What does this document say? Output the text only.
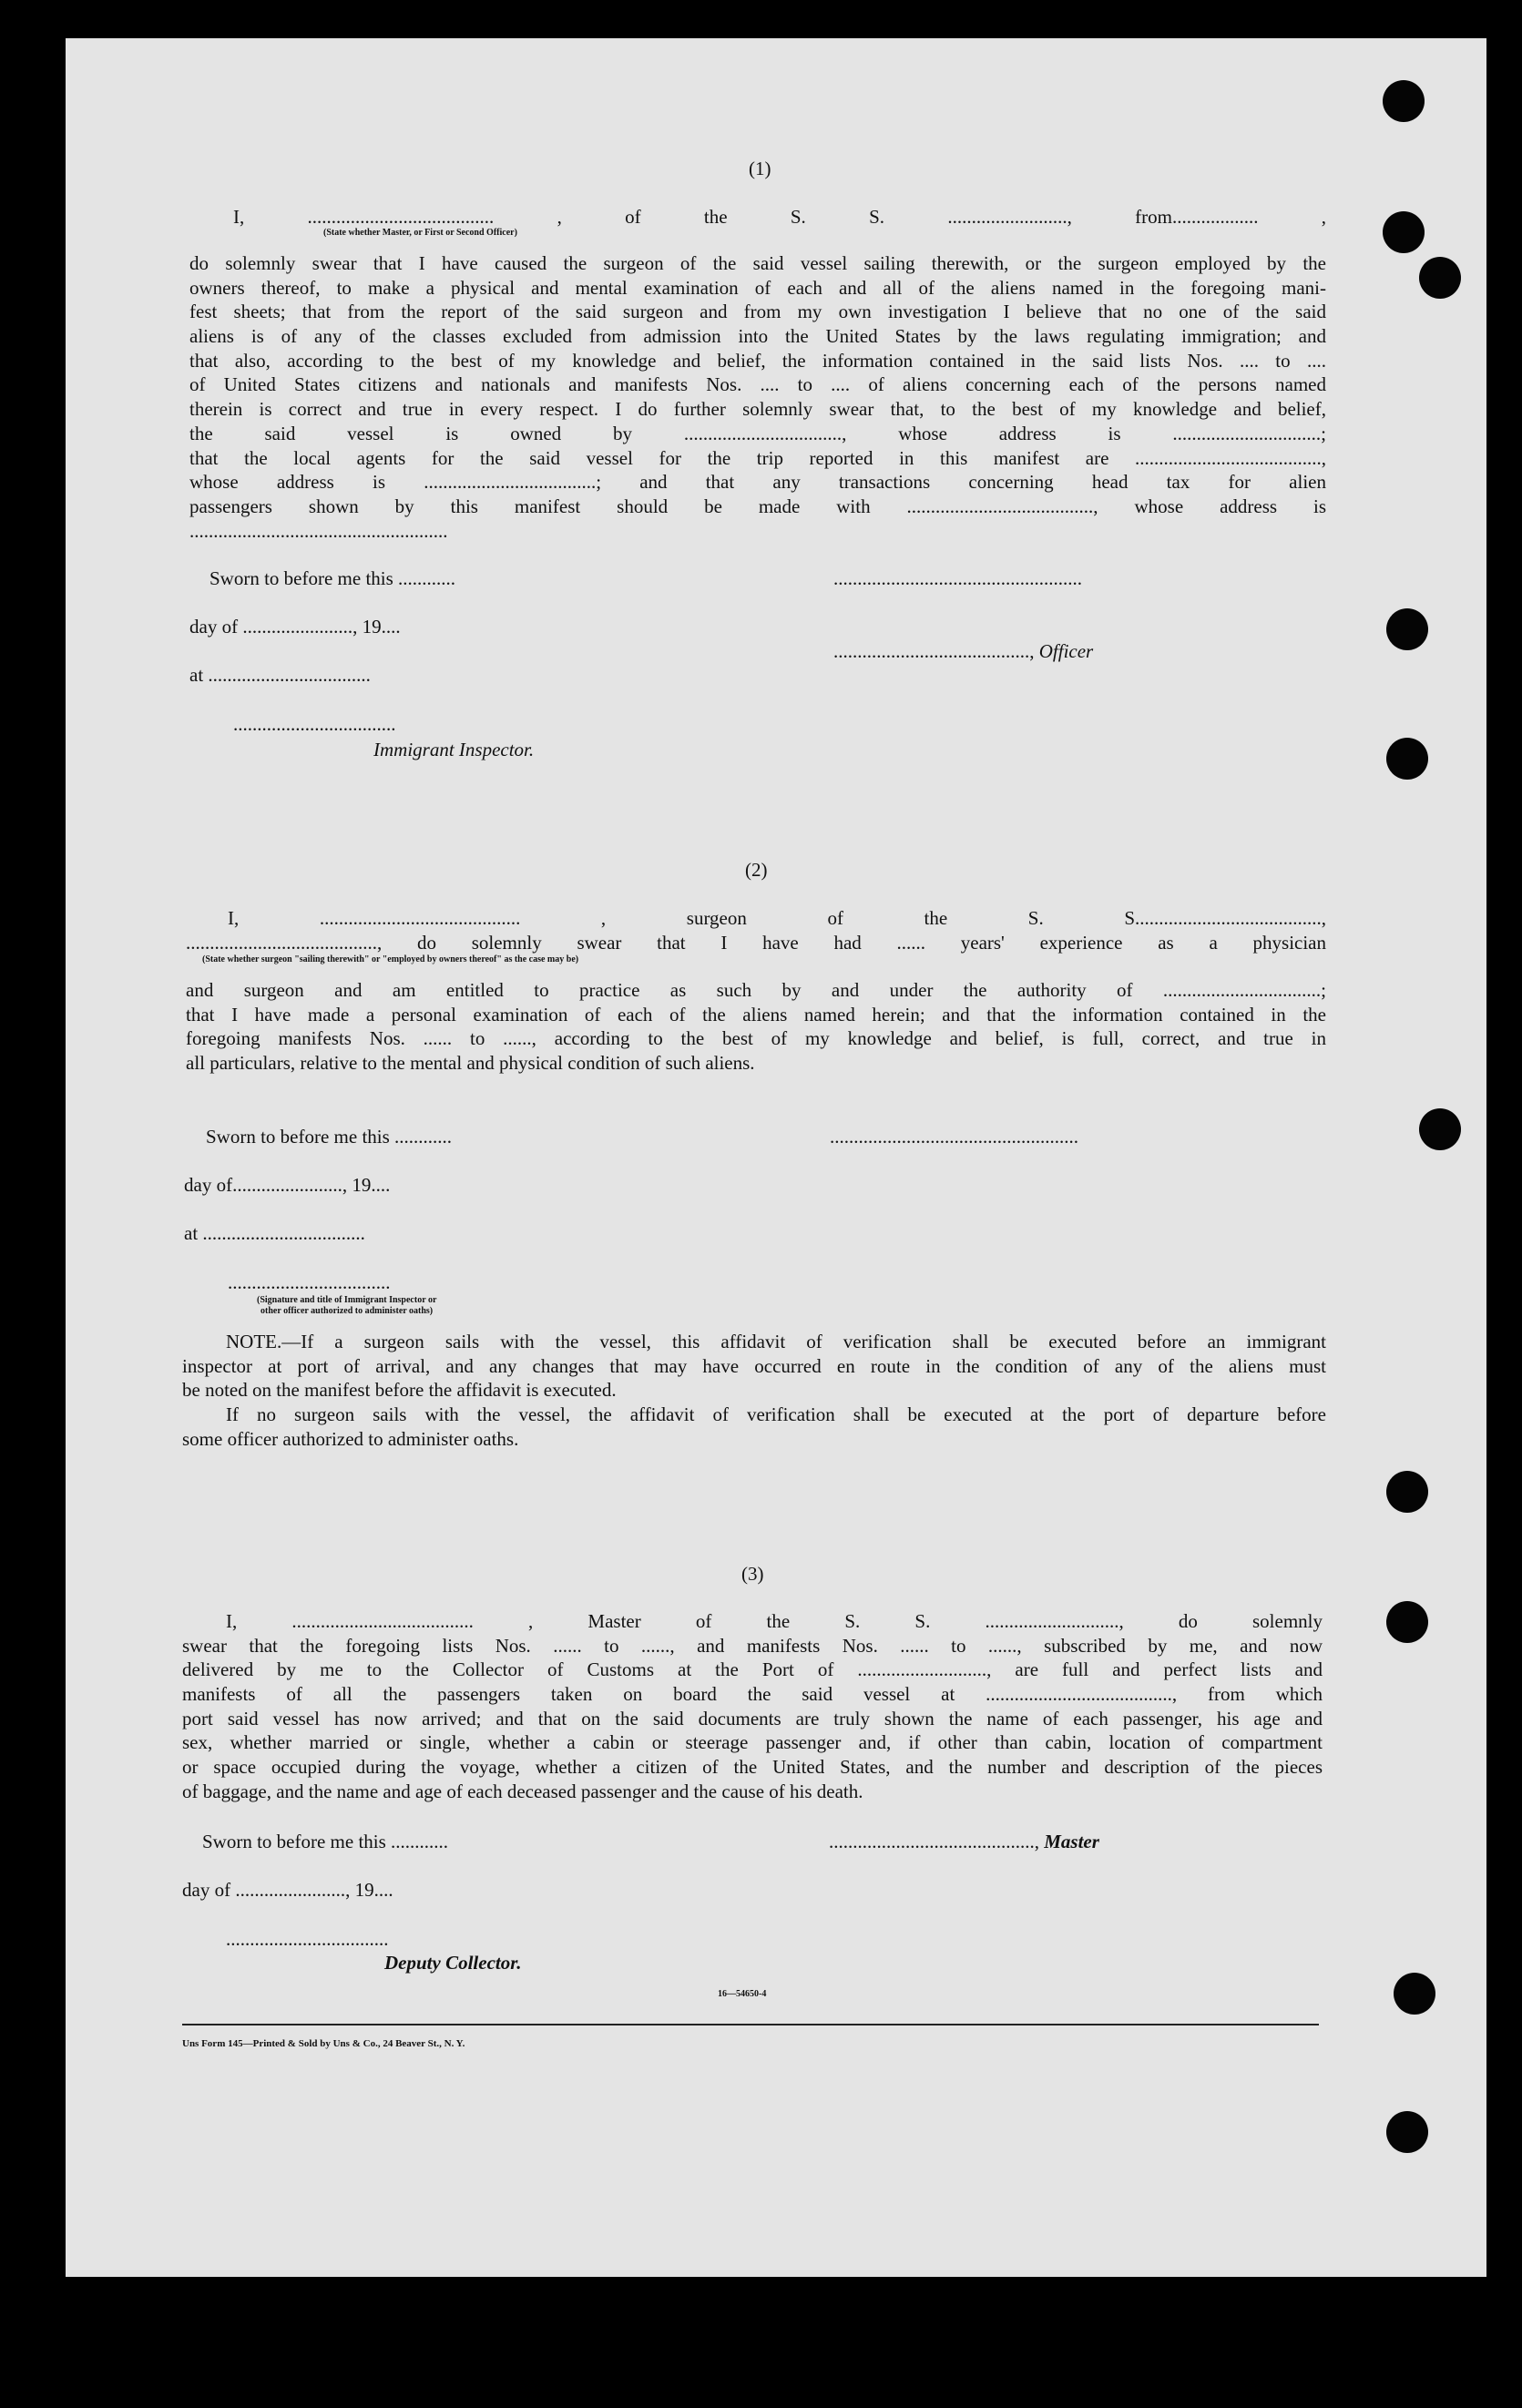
(1)
I, ....................................... , of the S. S. ........................., from.................. ,
(State whether Master, or First or Second Officer)
do solemnly swear that I have caused the surgeon of the said vessel sailing therewith, or the surgeon employed by the
owners thereof, to make a physical and mental examination of each and all of the aliens named in the foregoing mani-
fest sheets; that from the report of the said surgeon and from my own investigation I believe that no one of the said
aliens is of any of the classes excluded from admission into the United States by the laws regulating immigration; and
that also, according to the best of my knowledge and belief, the information contained in the said lists Nos. .... to ....
of United States citizens and nationals and manifests Nos. .... to .... of aliens concerning each of the persons named
therein is correct and true in every respect. I do further solemnly swear that, to the best of my knowledge and belief,
the said vessel is owned by ................................., whose address is ...............................;
that the local agents for the said vessel for the trip reported in this manifest are .......................................,
whose address is ....................................; and that any transactions concerning head tax for alien
passengers shown by this manifest should be made with ......................................., whose address is
......................................................
Sworn to before me this ............	....................................................
day of ......................., 19....
........................................., Officer
at ..................................
..................................
Immigrant Inspector.
(2)
I, .......................................... , surgeon of the S. S.......................................,
........................................, do solemnly swear that I have had ...... years' experience as a physician
(State whether surgeon "sailing therewith" or "employed by owners thereof" as the case may be)
and surgeon and am entitled to practice as such by and under the authority of .................................;
that I have made a personal examination of each of the aliens named herein; and that the information contained in the
foregoing manifests Nos. ...... to ......, according to the best of my knowledge and belief, is full, correct, and true in
all particulars, relative to the mental and physical condition of such aliens.
Sworn to before me this ............	....................................................
day of......................., 19....
at ..................................
..................................
(Signature and title of Immigrant Inspector or
other officer authorized to administer oaths)
NOTE.—If a surgeon sails with the vessel, this affidavit of verification shall be executed before an immigrant
inspector at port of arrival, and any changes that may have occurred en route in the condition of any of the aliens must
be noted on the manifest before the affidavit is executed.
If no surgeon sails with the vessel, the affidavit of verification shall be executed at the port of departure before
some officer authorized to administer oaths.
(3)
I, ...................................... , Master of the S. S. ............................, do solemnly
swear that the foregoing lists Nos. ...... to ......, and manifests Nos. ...... to ......, subscribed by me, and now
delivered by me to the Collector of Customs at the Port of ..........................., are full and perfect lists and
manifests of all the passengers taken on board the said vessel at ......................................., from which
port said vessel has now arrived; and that on the said documents are truly shown the name of each passenger, his age and
sex, whether married or single, whether a cabin or steerage passenger and, if other than cabin, location of compartment
or space occupied during the voyage, whether a citizen of the United States, and the number and description of the pieces
of baggage, and the name and age of each deceased passenger and the cause of his death.
Sworn to before me this ............	..........................................., Master
day of ......................., 19....
..................................
Deputy Collector.
16—54650-4
Uns Form 145—Printed & Sold by Uns & Co., 24 Beaver St., N. Y.
